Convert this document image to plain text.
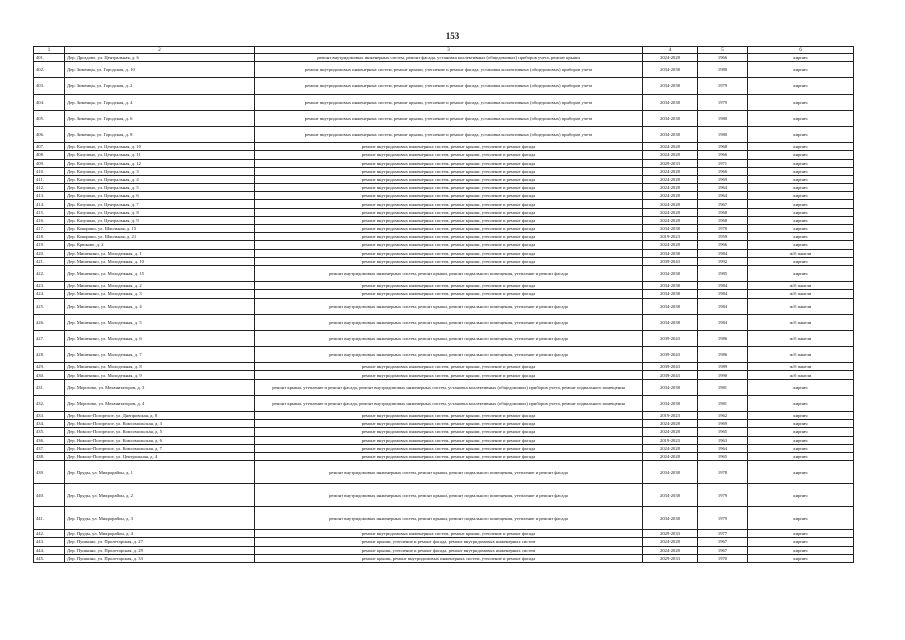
153
1	2	3	4	5	6
401.	Дер. Дроздово, ул. Центральная, д. 6	ремонт внутридомовых инженерных систем, ремонт фасада, установка коллективных (общедомовых) приборов учета, ремонт крыши	2024-2028	1966	кирпич
402.	Дер. Зименцы, ул. Городская, д. 10	ремонт внутридомовых инженерных систем, ремонт крыши, утепление и ремонт фасада, установка коллективных (общедомовых) приборов учета	2034-2038	1980	кирпич
403.	Дер. Зименцы, ул. Городская, д. 2	ремонт внутридомовых инженерных систем, ремонт крыши, утепление и ремонт фасада, установка коллективных (общедомовых) приборов учета	2034-2038	1979	кирпич
404.	Дер. Зименцы, ул. Городская, д. 4	ремонт внутридомовых инженерных систем, ремонт крыши, утепление и ремонт фасада, установка коллективных (общедомовых) приборов учета	2034-2038	1979	кирпич
405.	Дер. Зименцы, ул. Городская, д. 6	ремонт внутридомовых инженерных систем, ремонт крыши, утепление и ремонт фасада, установка коллективных (общедомовых) приборов учета	2034-2038	1980	кирпич
406.	Дер. Зименцы, ул. Городская, д. 8	ремонт внутридомовых инженерных систем, ремонт крыши, утепление и ремонт фасада, установка коллективных (общедомовых) приборов учета	2034-2038	1980	кирпич
407.	Дер. Казулино, ул. Центральная, д. 10	ремонт внутридомовых инженерных систем, ремонт крыши, утепление и ремонт фасада	2024-2028	1968	кирпич
408.	Дер. Казулино, ул. Центральная, д. 11	ремонт внутридомовых инженерных систем, ремонт крыши, утепление и ремонт фасада	2024-2028	1966	кирпич
409.	Дер. Казулино, ул. Центральная, д. 12	ремонт внутридомовых инженерных систем, ремонт крыши, утепление и ремонт фасада	2029-2033	1971	кирпич
410.	Дер. Казулино, ул. Центральная, д. 3	ремонт внутридомовых инженерных систем, ремонт крыши, утепление и ремонт фасада	2024-2028	1966	кирпич
411.	Дер. Казулино, ул. Центральная, д. 4	ремонт внутридомовых инженерных систем, ремонт крыши, утепление и ремонт фасада	2024-2028	1969	кирпич
412.	Дер. Казулино, ул. Центральная, д. 5	ремонт внутридомовых инженерных систем, ремонт крыши, утепление и ремонт фасада	2024-2028	1964	кирпич
413.	Дер. Казулино, ул. Центральная, д. 6	ремонт внутридомовых инженерных систем, ремонт крыши, утепление и ремонт фасада	2024-2028	1964	кирпич
414.	Дер. Казулино, ул. Центральная, д. 7	ремонт внутридомовых инженерных систем, ремонт крыши, утепление и ремонт фасада	2024-2028	1967	кирпич
415.	Дер. Казулино, ул. Центральная, д. 8	ремонт внутридомовых инженерных систем, ремонт крыши, утепление и ремонт фасада	2024-2028	1968	кирпич
416.	Дер. Казулино, ул. Центральная, д. 9	ремонт внутридомовых инженерных систем, ремонт крыши, утепление и ремонт фасада	2024-2028	1968	кирпич
417.	Дер. Кокорино, ул. Школьная, д. 15	ремонт внутридомовых инженерных систем, ремонт крыши, утепление и ремонт фасада	2034-2038	1978	кирпич
418.	Дер. Кокорино, ул. Школьная, д. 21	ремонт внутридомовых инженерных систем, ремонт крыши, утепление и ремонт фасада	2019-2023	1959	кирпич
419.	Дер. Крюково, д. 2	ремонт внутридомовых инженерных систем, ремонт крыши, утепление и ремонт фасада	2024-2028	1966	кирпич
420.	Дер. Мишенино, ул. Молодежная, д. 1	ремонт внутридомовых инженерных систем, ремонт крыши, утепление и ремонт фасада	2034-2038	1984	ж/б панели
421.	Дер. Мишенино, ул. Молодежная, д. 10	ремонт внутридомовых инженерных систем, ремонт крыши, утепление и ремонт фасада	2039-2043	1992	кирпич
422.	Дер. Мишенино, ул. Молодежная, д. 15	ремонт внутридомовых инженерных систем, ремонт крыши, ремонт подвального помещения, утепление и ремонт фасада	2034-2038	1985	кирпич
423.	Дер. Мишенино, ул. Молодежная, д. 2	ремонт внутридомовых инженерных систем, ремонт крыши, утепление и ремонт фасада	2034-2038	1984	ж/б панели
424.	Дер. Мишенино, ул. Молодежная, д. 3	ремонт внутридомовых инженерных систем, ремонт крыши, утепление и ремонт фасада	2034-2038	1984	ж/б панели
425.	Дер. Мишенино, ул. Молодежная, д. 4	ремонт внутридомовых инженерных систем, ремонт крыши, ремонт подвального помещения, утепление и ремонт фасада	2034-2038	1984	ж/б панели
426.	Дер. Мишенино, ул. Молодежная, д. 5	ремонт внутридомовых инженерных систем, ремонт крыши, ремонт подвального помещения, утепление и ремонт фасада	2034-2038	1984	ж/б панели
427.	Дер. Мишенино, ул. Молодежная, д. 6	ремонт внутридомовых инженерных систем, ремонт крыши, ремонт подвального помещения, утепление и ремонт фасада	2039-2043	1986	ж/б панели
428.	Дер. Мишенино, ул. Молодежная, д. 7	ремонт внутридомовых инженерных систем, ремонт крыши, ремонт подвального помещения, утепление и ремонт фасада	2039-2043	1986	ж/б панели
429.	Дер. Мишенино, ул. Молодежная, д. 8	ремонт внутридомовых инженерных систем, ремонт крыши, утепление и ремонт фасада	2039-2043	1989	ж/б панели
430.	Дер. Мишенино, ул. Молодежная, д. 9	ремонт внутридомовых инженерных систем, ремонт крыши, утепление и ремонт фасада	2039-2043	1990	ж/б панели
431.	Дер. Морозово, ул. Механизаторов, д. 3	ремонт крыши, утепление и ремонт фасада, ремонт внутридомовых инженерных систем, установка коллективных (общедомовых) приборов учета, ремонт подвального помещения	2034-2038	1981	кирпич
432.	Дер. Морозово, ул. Механизаторов, д. 4	ремонт крыши, утепление и ремонт фасада, ремонт внутридомовых инженерных систем, установка коллективных (общедомовых) приборов учета, ремонт подвального помещения	2034-2038	1981	кирпич
433.	Дер. Николо-Погорелое, ул. Днепровская, д. 8	ремонт внутридомовых инженерных систем, ремонт крыши, утепление и ремонт фасада	2019-2023	1962	кирпич
434.	Дер. Николо-Погорелое, ул. Комсомольская, д. 3	ремонт внутридомовых инженерных систем, ремонт крыши, утепление и ремонт фасада	2024-2028	1969	кирпич
435.	Дер. Николо-Погорелое, ул. Комсомольская, д. 5	ремонт внутридомовых инженерных систем, ремонт крыши, утепление и ремонт фасада	2024-2028	1965	кирпич
436.	Дер. Николо-Погорелое, ул. Комсомольская, д. 6	ремонт внутридомовых инженерных систем, ремонт крыши, утепление и ремонт фасада	2019-2023	1963	кирпич
437.	Дер. Николо-Погорелое, ул. Комсомольская, д. 7	ремонт внутридомовых инженерных систем, ремонт крыши, утепление и ремонт фасада	2024-2028	1964	кирпич
438.	Дер. Николо-Погорелое, ул. Центральная, д. 4	ремонт внутридомовых инженерных систем, ремонт крыши, утепление и ремонт фасада	2024-2028	1965	кирпич
439.	Дер. Пруды, ул. Микрорайон, д. 1	ремонт внутридомовых инженерных систем, ремонт крыши, ремонт подвального помещения, утепление и ремонт фасада	2034-2038	1978	кирпич
440.	Дер. Пруды, ул. Микрорайон, д. 2	ремонт внутридомовых инженерных систем, ремонт крыши, ремонт подвального помещения, утепление и ремонт фасада	2034-2038	1979	кирпич
441.	Дер. Пруды, ул. Микрорайон, д. 3	ремонт внутридомовых инженерных систем, ремонт крыши, ремонт подвального помещения, утепление и ремонт фасада	2034-2038	1979	кирпич
442.	Дер. Пруды, ул. Микрорайон, д. 4	ремонт внутридомовых инженерных систем, ремонт крыши, утепление и ремонт фасада	2029-2033	1977	кирпич
443.	Дер. Пушкино, ул. Пролетарская, д. 27	ремонт крыши, утепление и ремонт фасада, ремонт внутридомовых инженерных систем	2024-2028	1967	кирпич
444.	Дер. Пушкино, ул. Пролетарская, д. 29	ремонт крыши, утепление и ремонт фасада, ремонт внутридомовых инженерных систем	2024-2028	1967	кирпич
445.	Дер. Пушкино, ул. Пролетарская, д. 33	ремонт крыши, ремонт внутридомовых инженерных систем, утепление и ремонт фасада	2029-2033	1970	кирпич
